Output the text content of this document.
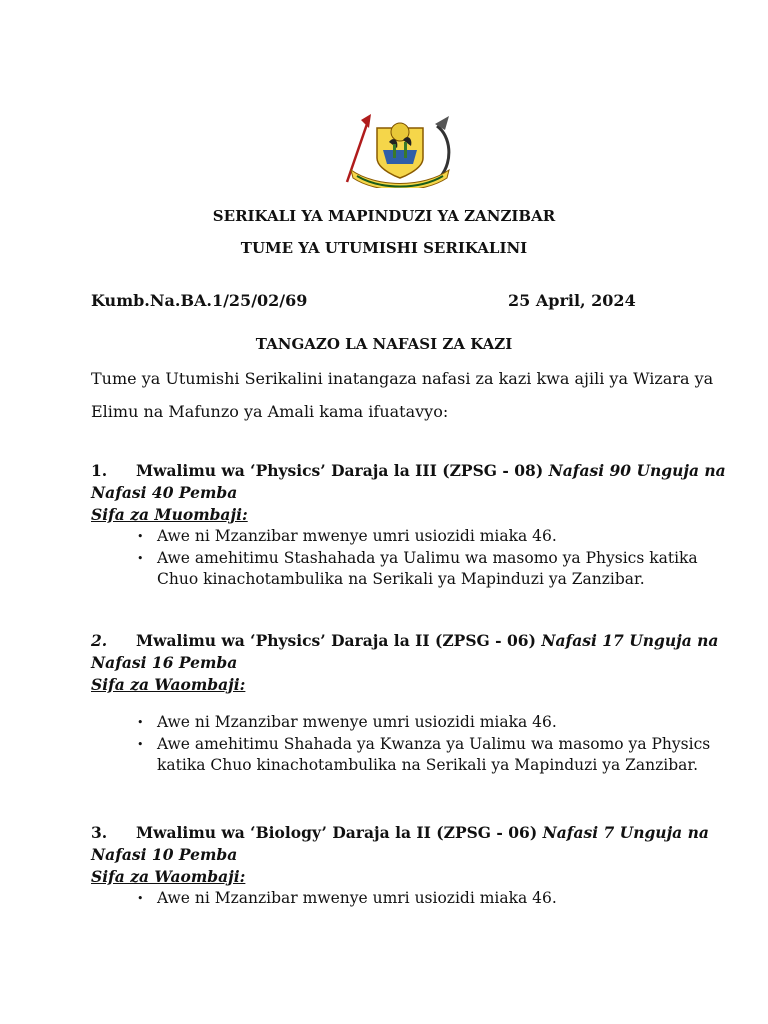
SERIKALI YA MAPINDUZI YA ZANZIBAR
TUME YA UTUMISHI SERIKALINI
Kumb.Na.BA.1/25/02/69	25 April, 2024
TANGAZO LA NAFASI ZA KAZI
Tume ya Utumishi Serikalini inatangaza nafasi za kazi kwa ajili ya Wizara ya Elimu na Mafunzo ya Amali kama ifuatavyo:
1. Mwalimu wa ‘Physics’ Daraja la III (ZPSG - 08) Nafasi 90 Unguja na Nafasi 40 Pemba
Sifa za Muombaji:
• Awe ni Mzanzibar mwenye umri usiozidi miaka 46.
• Awe amehitimu Stashahada ya Ualimu wa masomo ya Physics katika Chuo kinachotambulika na Serikali ya Mapinduzi ya Zanzibar.
2. Mwalimu wa ‘Physics’ Daraja la II (ZPSG - 06) Nafasi 17 Unguja na Nafasi 16 Pemba
Sifa za Waombaji:
• Awe ni Mzanzibar mwenye umri usiozidi miaka 46.
• Awe amehitimu Shahada ya Kwanza ya Ualimu wa masomo ya Physics katika Chuo kinachotambulika na Serikali ya Mapinduzi ya Zanzibar.
3. Mwalimu wa ‘Biology’ Daraja la II (ZPSG - 06) Nafasi 7 Unguja na Nafasi 10 Pemba
Sifa za Waombaji:
• Awe ni Mzanzibar mwenye umri usiozidi miaka 46.
